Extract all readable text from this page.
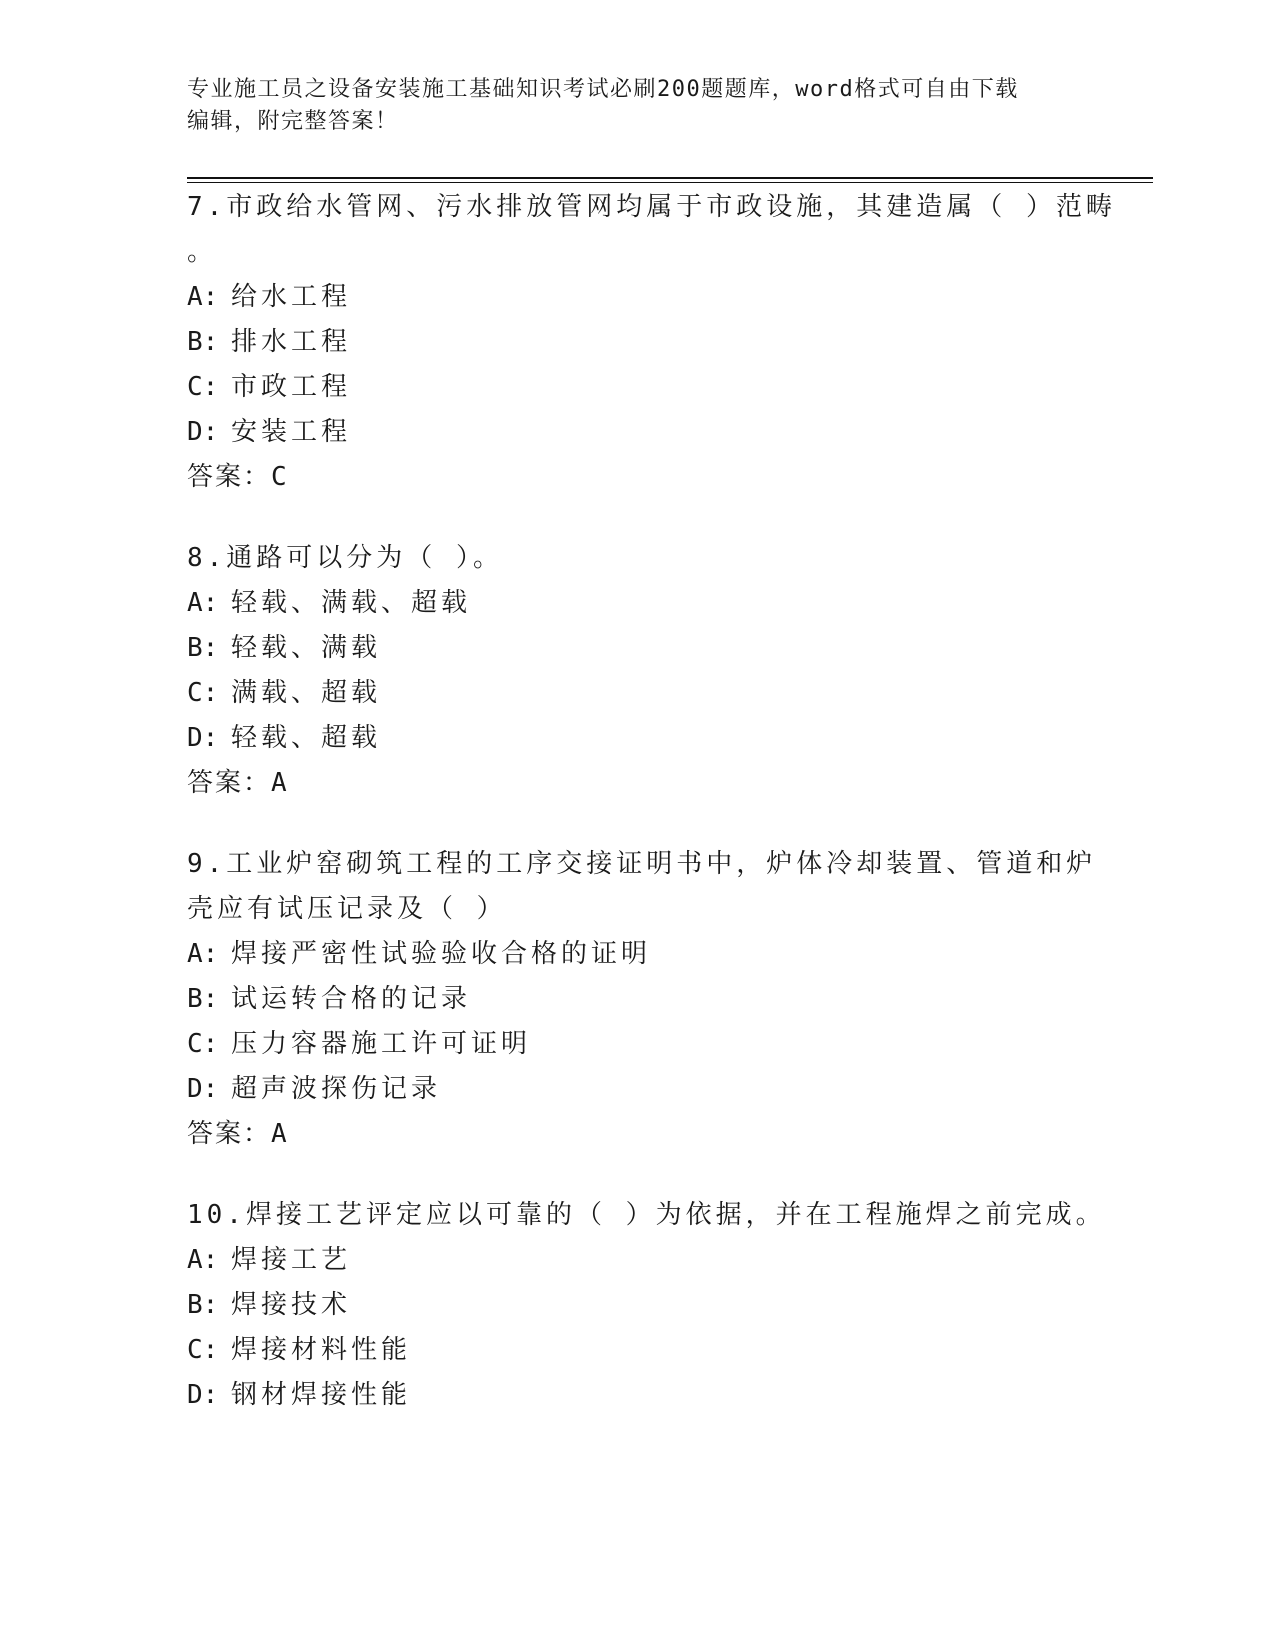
专业施工员之设备安装施工基础知识考试必刷200题题库，word格式可自由下载
编辑，附完整答案！
7.市政给水管网、污水排放管网均属于市政设施，其建造属（ ）范畴
。
A: 给水工程
B: 排水工程
C: 市政工程
D: 安装工程
答案：C
8.通路可以分为（ ）。
A: 轻载、满载、超载
B: 轻载、满载
C: 满载、超载
D: 轻载、超载
答案：A
9.工业炉窑砌筑工程的工序交接证明书中，炉体冷却装置、管道和炉
壳应有试压记录及（ ）
A: 焊接严密性试验验收合格的证明
B: 试运转合格的记录
C: 压力容器施工许可证明
D: 超声波探伤记录
答案：A
10.焊接工艺评定应以可靠的（ ）为依据，并在工程施焊之前完成。
A: 焊接工艺
B: 焊接技术
C: 焊接材料性能
D: 钢材焊接性能
